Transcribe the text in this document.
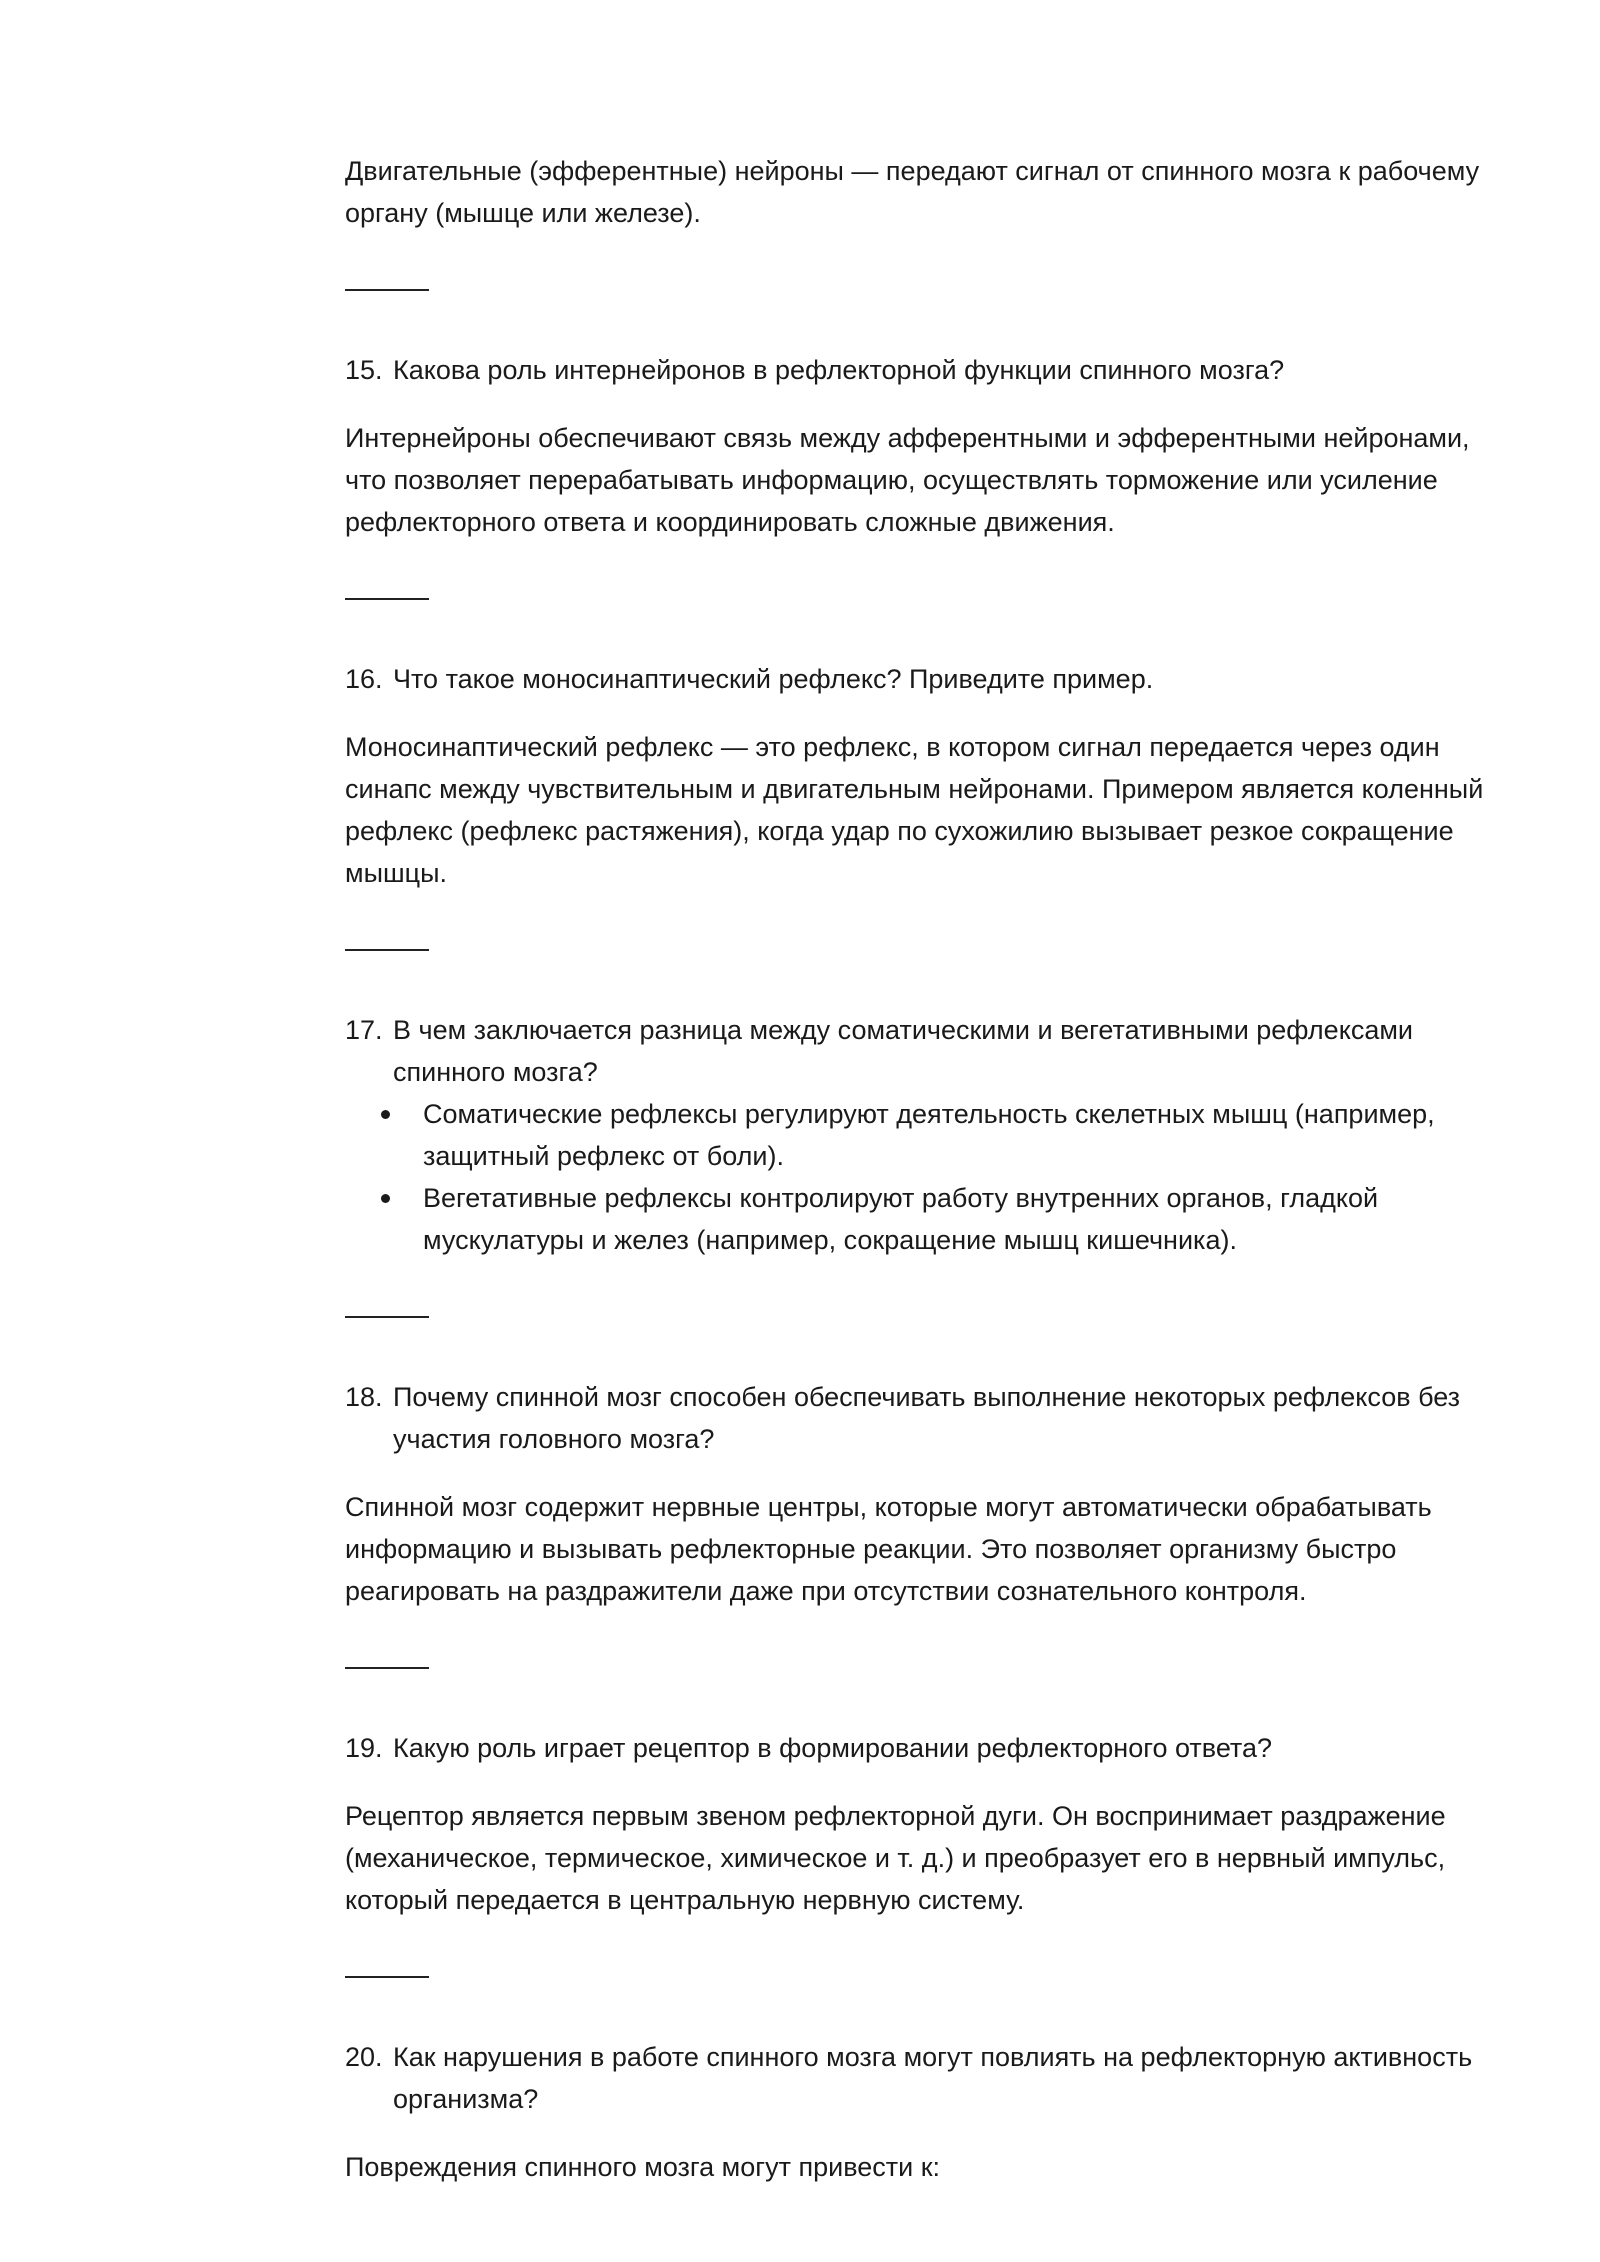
Двигательные (эфферентные) нейроны — передают сигнал от спинного мозга к рабочему органу (мышце или железе).

15. Какова роль интернейронов в рефлекторной функции спинного мозга?

Интернейроны обеспечивают связь между афферентными и эфферентными нейронами, что позволяет перерабатывать информацию, осуществлять торможение или усиление рефлекторного ответа и координировать сложные движения.

16. Что такое моносинаптический рефлекс? Приведите пример.

Моносинаптический рефлекс — это рефлекс, в котором сигнал передается через один синапс между чувствительным и двигательным нейронами. Примером является коленный рефлекс (рефлекс растяжения), когда удар по сухожилию вызывает резкое сокращение мышцы.

17. В чем заключается разница между соматическими и вегетативными рефлексами спинного мозга?
Соматические рефлексы регулируют деятельность скелетных мышц (например, защитный рефлекс от боли).
Вегетативные рефлексы контролируют работу внутренних органов, гладкой мускулатуры и желез (например, сокращение мышц кишечника).
18. Почему спинной мозг способен обеспечивать выполнение некоторых рефлексов без участия головного мозга?

Спинной мозг содержит нервные центры, которые могут автоматически обрабатывать информацию и вызывать рефлекторные реакции. Это позволяет организму быстро реагировать на раздражители даже при отсутствии сознательного контроля.

19. Какую роль играет рецептор в формировании рефлекторного ответа?

Рецептор является первым звеном рефлекторной дуги. Он воспринимает раздражение (механическое, термическое, химическое и т. д.) и преобразует его в нервный импульс, который передается в центральную нервную систему.

20. Как нарушения в работе спинного мозга могут повлиять на рефлекторную активность организма?

Повреждения спинного мозга могут привести к:
